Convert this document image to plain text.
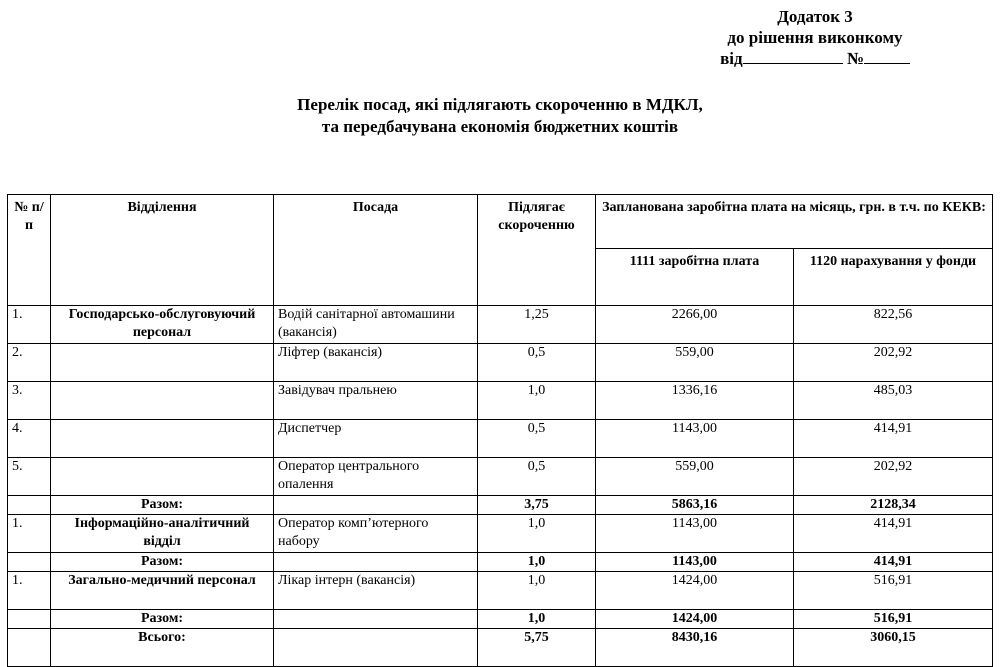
Додаток 3
до рішення виконкому
від	№
Перелік посад, які підлягають скороченню в МДКЛ,
та передбачувана економія бюджетних коштів
№ п/п	Відділення	Посада	Підлягає скороченню	Запланована заробітна плата на місяць, грн. в т.ч. по КЕКВ:	
				1111 заробітна плата	1120 нарахування у фонди
1.	Господарсько-обслуговуючий персонал	Водій санітарної автомашини (вакансія)	1,25	2266,00	822,56
2.		Ліфтер (вакансія)	0,5	559,00	202,92
3.		Завідувач пральнею	1,0	1336,16	485,03
4.		Диспетчер	0,5	1143,00	414,91
5.		Оператор центрального опалення	0,5	559,00	202,92
	Разом:		3,75	5863,16	2128,34
1.	Інформаційно-аналітичний відділ	Оператор комп’ютерного набору	1,0	1143,00	414,91
	Разом:		1,0	1143,00	414,91
1.	Загально-медичний персонал	Лікар інтерн (вакансія)	1,0	1424,00	516,91
	Разом:		1,0	1424,00	516,91
	Всього:		5,75	8430,16	3060,15
